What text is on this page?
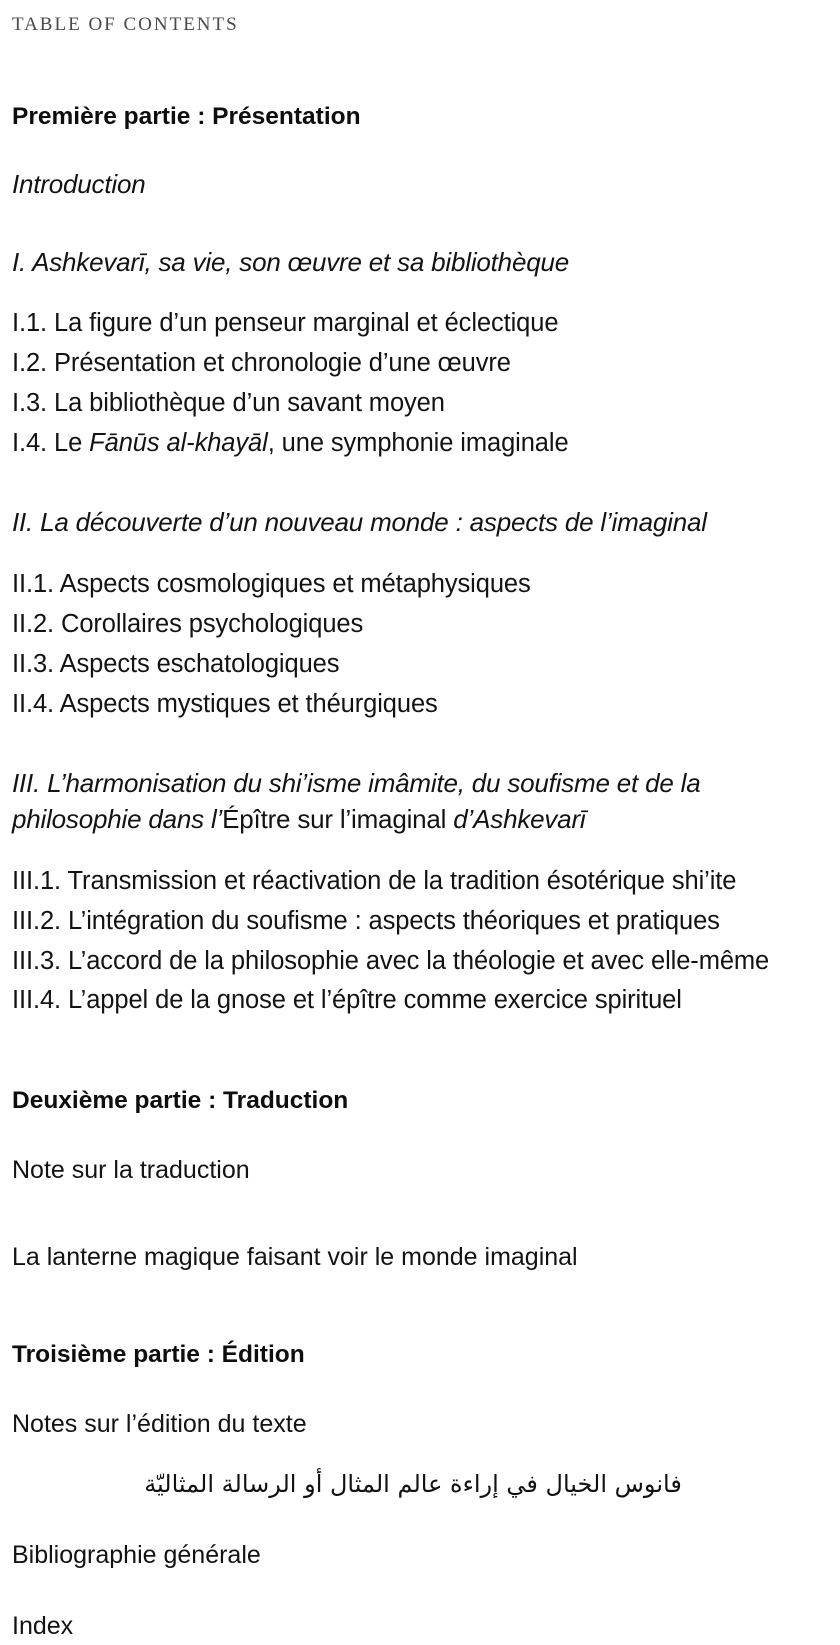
TABLE OF CONTENTS
Première partie : Présentation
Introduction
I. Ashkevarī, sa vie, son œuvre et sa bibliothèque
I.1. La figure d’un penseur marginal et éclectique
I.2. Présentation et chronologie d’une œuvre
I.3. La bibliothèque d’un savant moyen
I.4. Le Fānūs al-khayāl, une symphonie imaginale
II. La découverte d’un nouveau monde : aspects de l’imaginal
II.1. Aspects cosmologiques et métaphysiques
II.2. Corollaires psychologiques
II.3. Aspects eschatologiques
II.4. Aspects mystiques et théurgiques
III. L’harmonisation du shi’isme imâmite, du soufisme et de la philosophie dans l’Épître sur l’imaginal d’Ashkevarī
III.1. Transmission et réactivation de la tradition ésotérique shi’ite
III.2. L’intégration du soufisme : aspects théoriques et pratiques
III.3. L’accord de la philosophie avec la théologie et avec elle-même
III.4. L’appel de la gnose et l’épître comme exercice spirituel
Deuxième partie : Traduction
Note sur la traduction
La lanterne magique faisant voir le monde imaginal
Troisième partie : Édition
Notes sur l’édition du texte
فانوس الخيال في إراءة عالم المثال أو الرسالة المثاليّة
Bibliographie générale
Index
